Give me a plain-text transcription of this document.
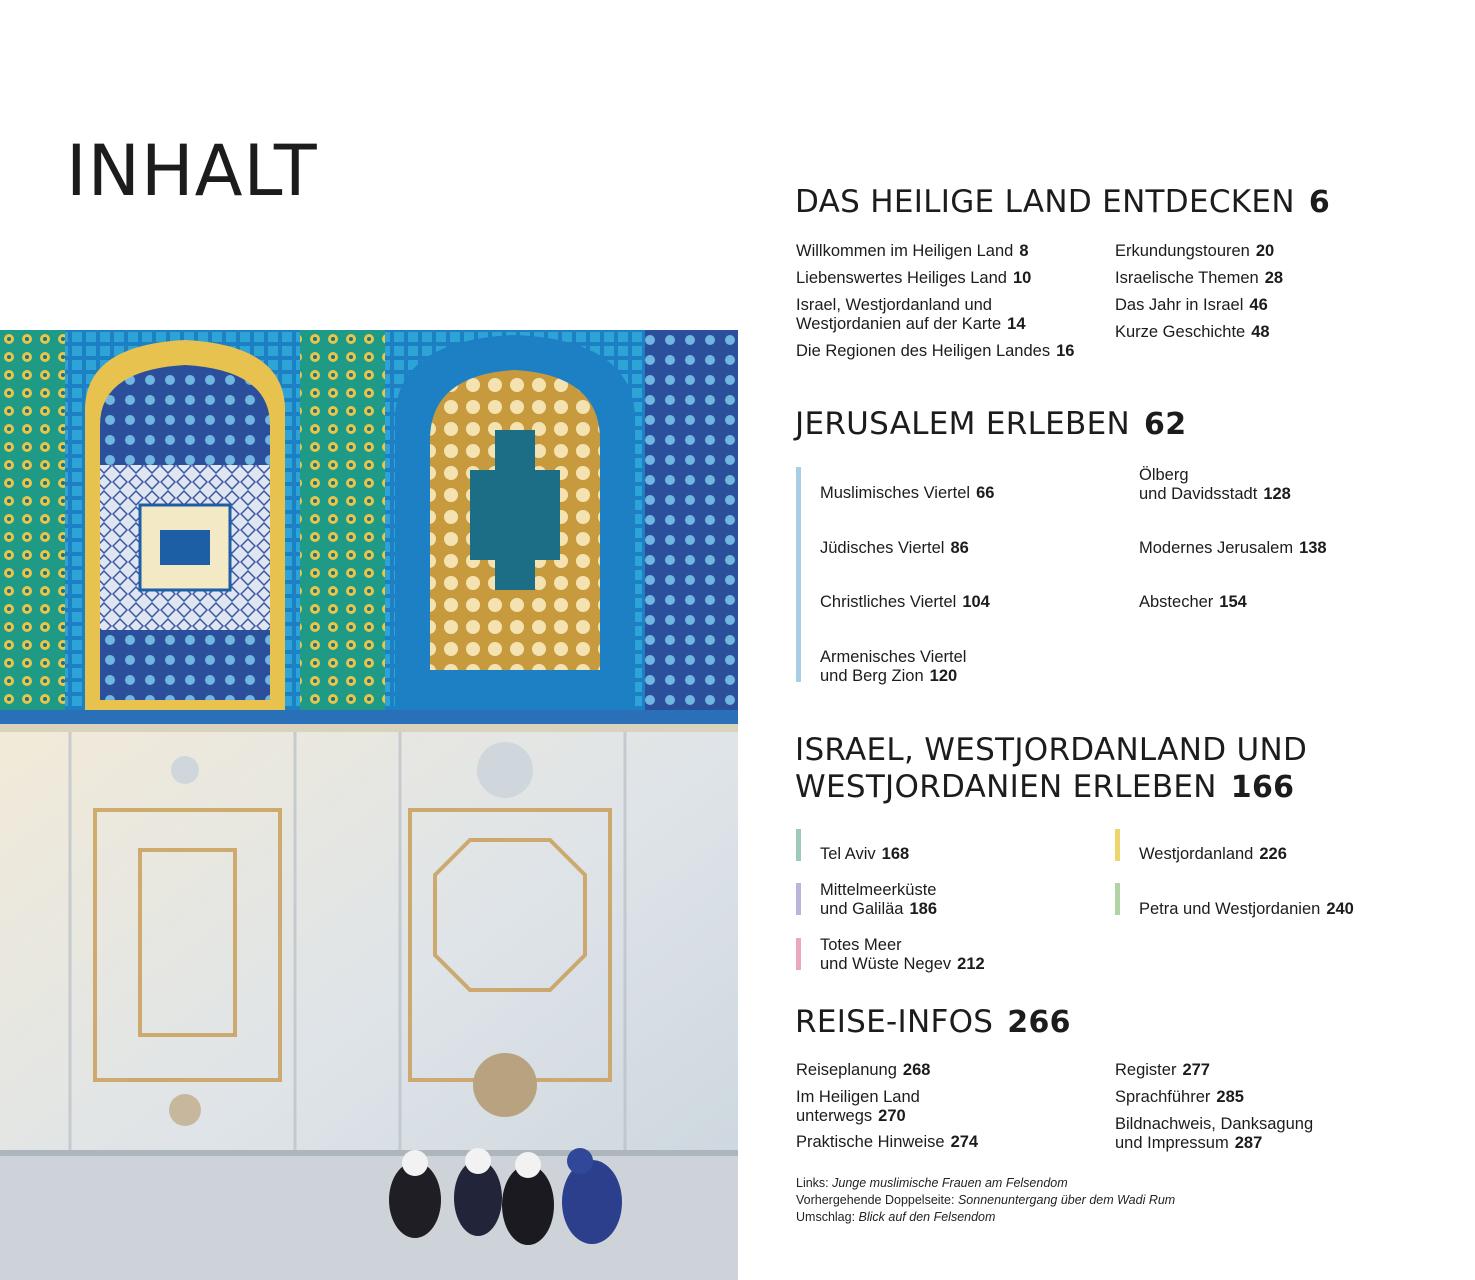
INHALT	DAS HEILIGE LAND ENTDECKEN 6
Willkommen im Heiligen Land 8
Liebenswertes Heiliges Land 10
Israel, Westjordanland und
Westjordanien auf der Karte 14
Die Regionen des Heiligen Landes 16
Erkundungstouren 20
Israelische Themen 28
Das Jahr in Israel 46
Kurze Geschichte 48
JERUSALEM ERLEBEN 62
Muslimisches Viertel 66
Jüdisches Viertel 86
Christliches Viertel 104
Armenisches Viertel
und Berg Zion 120
Ölberg
und Davidsstadt 128
Modernes Jerusalem 138
Abstecher 154
ISRAEL, WESTJORDANLAND UND
WESTJORDANIEN ERLEBEN 166
Tel Aviv 168
Mittelmeerküste
und Galiläa 186
Totes Meer
und Wüste Negev 212
Westjordanland 226
Petra und Westjordanien 240
REISE-INFOS 266
Reiseplanung 268
Im Heiligen Land
unterwegs 270
Praktische Hinweise 274
Register 277
Sprachführer 285
Bildnachweis, Danksagung
und Impressum 287
Links: Junge muslimische Frauen am Felsendom
Vorhergehende Doppelseite: Sonnenuntergang über dem Wadi Rum
Umschlag: Blick auf den Felsendom
